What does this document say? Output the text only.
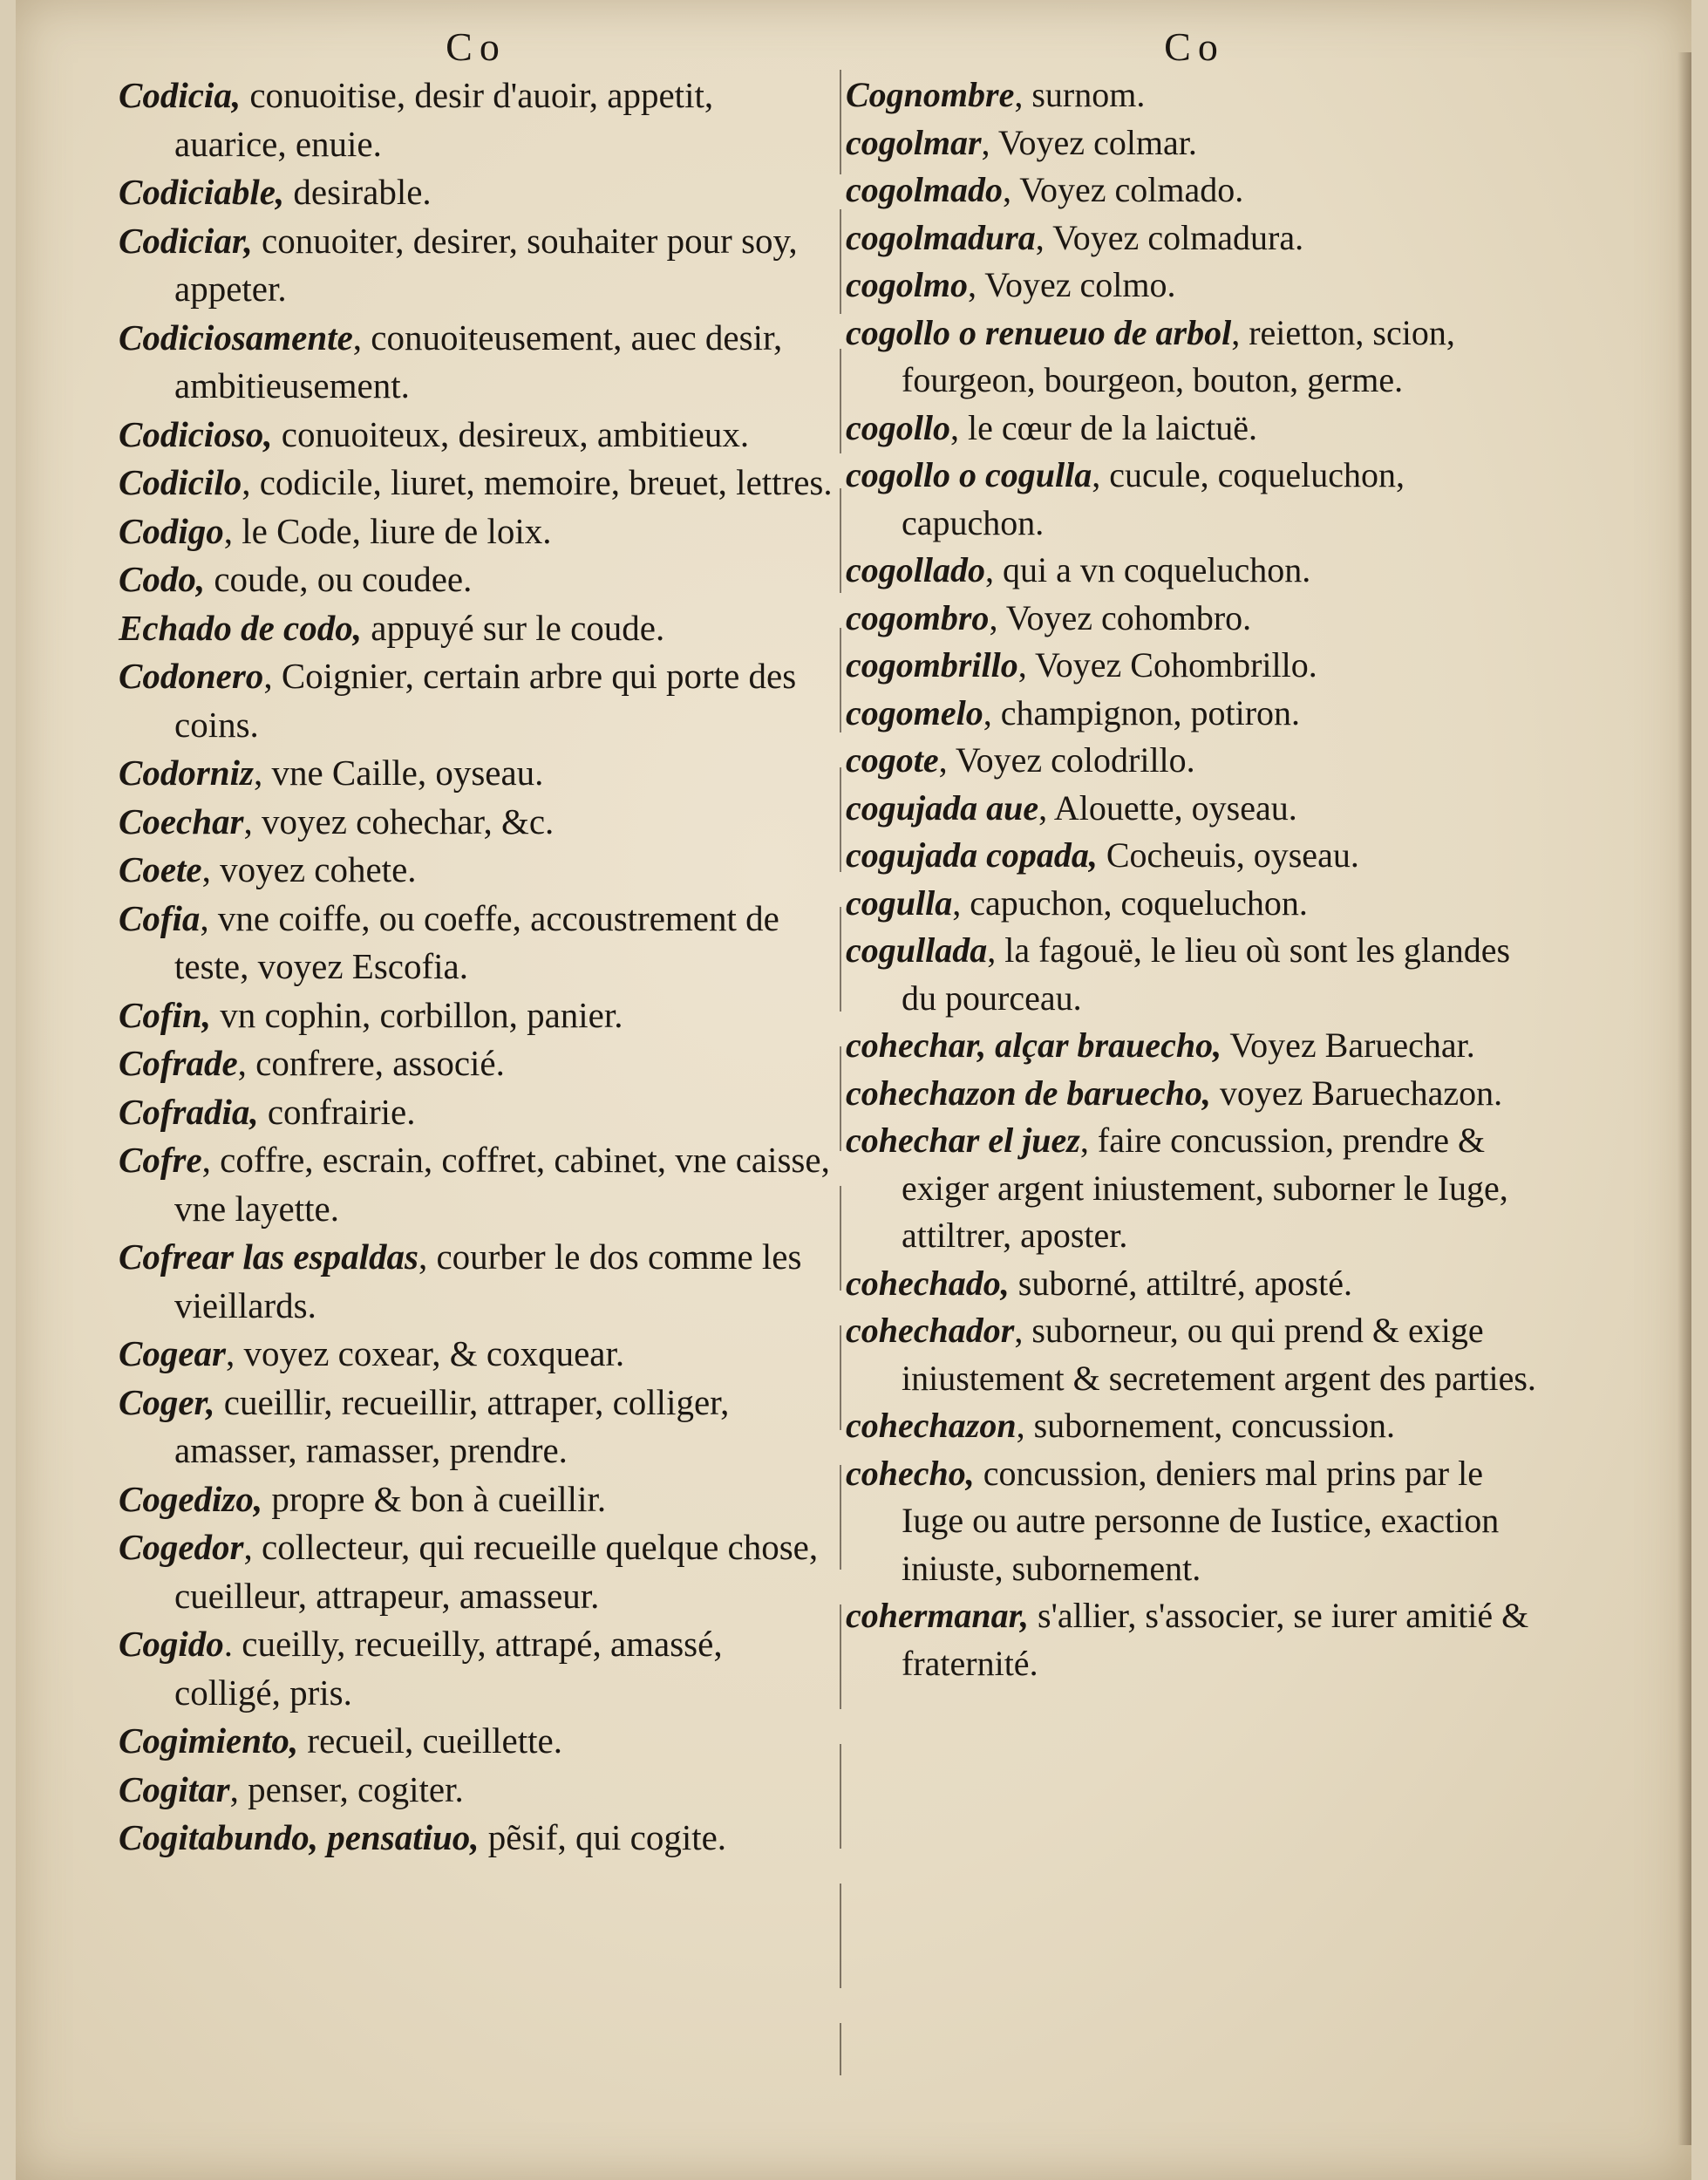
Co
Codicia, conuoitise, desir d'auoir, appetit, auarice, enuie.
Codiciable, desirable.
Codiciar, conuoiter, desirer, souhaiter pour soy, appeter.
Codiciosamente, conuoiteusement, auec desir, ambitieusement.
Codicioso, conuoiteux, desireux, ambitieux.
Codicilo, codicile, liuret, memoire, breuet, lettres.
Codigo, le Code, liure de loix.
Codo, coude, ou coudee.
Echado de codo, appuyé sur le coude.
Codonero, Coignier, certain arbre qui porte des coins.
Codorniz, vne Caille, oyseau.
Coechar, voyez cohechar, &c.
Coete, voyez cohete.
Cofia, vne coiffe, ou coeffe, accoustrement de teste, voyez Escofia.
Cofin, vn cophin, corbillon, panier.
Cofrade, confrere, associé.
Cofradia, confrairie.
Cofre, coffre, escrain, coffret, cabinet, vne caisse, vne layette.
Cofrear las espaldas, courber le dos comme les vieillards.
Cogear, voyez coxear, & coxquear.
Coger, cueillir, recueillir, attraper, colliger, amasser, ramasser, prendre.
Cogedizo, propre & bon à cueillir.
Cogedor, collecteur, qui recueille quelque chose, cueilleur, attrapeur, amasseur.
Cogido. cueilly, recueilly, attrapé, amassé, colligé, pris.
Cogimiento, recueil, cueillette.
Cogitar, penser, cogiter.
Cogitabundo, pensatiuo, pẽsif, qui cogite.
Co
Cognombre, surnom.
cogolmar, Voyez colmar.
cogolmado, Voyez colmado.
cogolmadura, Voyez colmadura.
cogolmo, Voyez colmo.
cogollo o renueuo de arbol, reietton, scion, fourgeon, bourgeon, bouton, germe.
cogollo, le cœur de la laictuë.
cogollo o cogulla, cucule, coqueluchon, capuchon.
cogollado, qui a vn coqueluchon.
cogombro, Voyez cohombro.
cogombrillo, Voyez Cohombrillo.
cogomelo, champignon, potiron.
cogote, Voyez colodrillo.
cogujada aue, Alouette, oyseau.
cogujada copada, Cocheuis, oyseau.
cogulla, capuchon, coqueluchon.
cogullada, la fagouë, le lieu où sont les glandes du pourceau.
cohechar, alçar brauecho, Voyez Baruechar.
cohechazon de baruecho, voyez Baruechazon.
cohechar el juez, faire concussion, prendre & exiger argent iniustement, suborner le Iuge, attiltrer, aposter.
cohechado, suborné, attiltré, aposté.
cohechador, suborneur, ou qui prend & exige iniustement & secretement argent des parties.
cohechazon, subornement, concussion.
cohecho, concussion, deniers mal prins par le Iuge ou autre personne de Iustice, exaction iniuste, subornement.
cohermanar, s'allier, s'associer, se iurer amitié & fraternité.
